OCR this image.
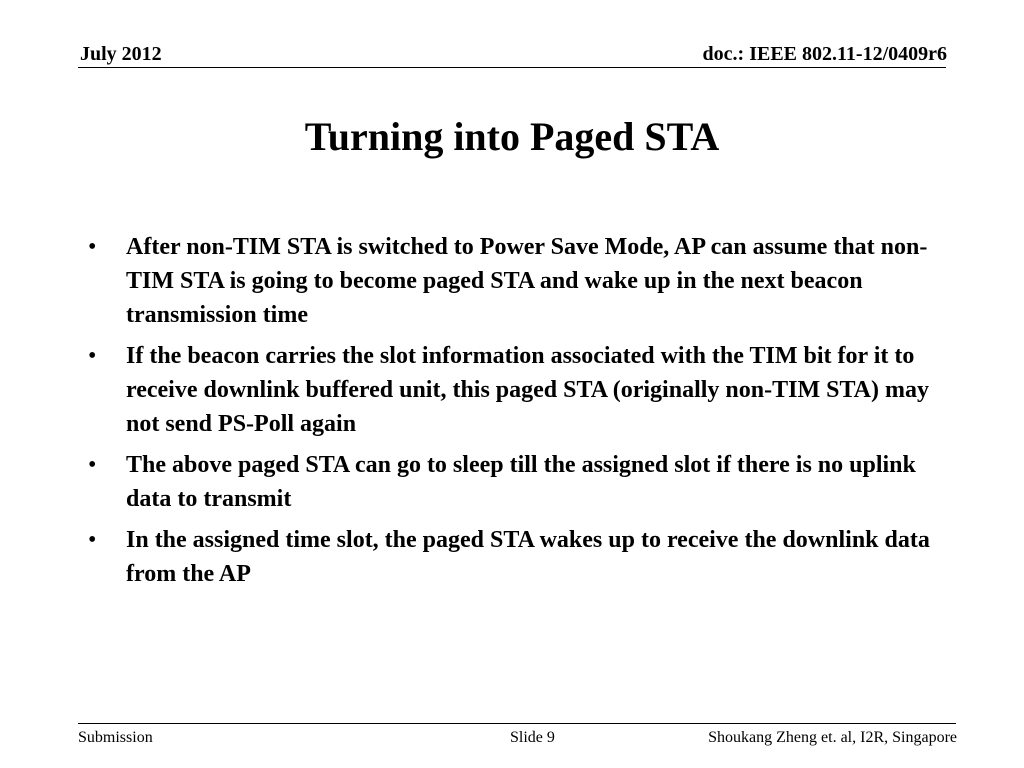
July 2012	doc.: IEEE 802.11-12/0409r6
Turning into Paged STA
• After non-TIM STA is switched to Power Save Mode, AP can assume that non-TIM STA is going to become paged STA and wake up in the next beacon transmission time
• If the beacon carries the slot information associated with the TIM bit for it to receive downlink buffered unit, this paged STA (originally non-TIM STA) may not send PS-Poll again
• The above paged STA can go to sleep till the assigned slot if there is no uplink data to transmit
• In the assigned time slot, the paged STA wakes up to receive the downlink data from the AP
Submission	Slide 9	Shoukang Zheng et. al, I2R, Singapore
